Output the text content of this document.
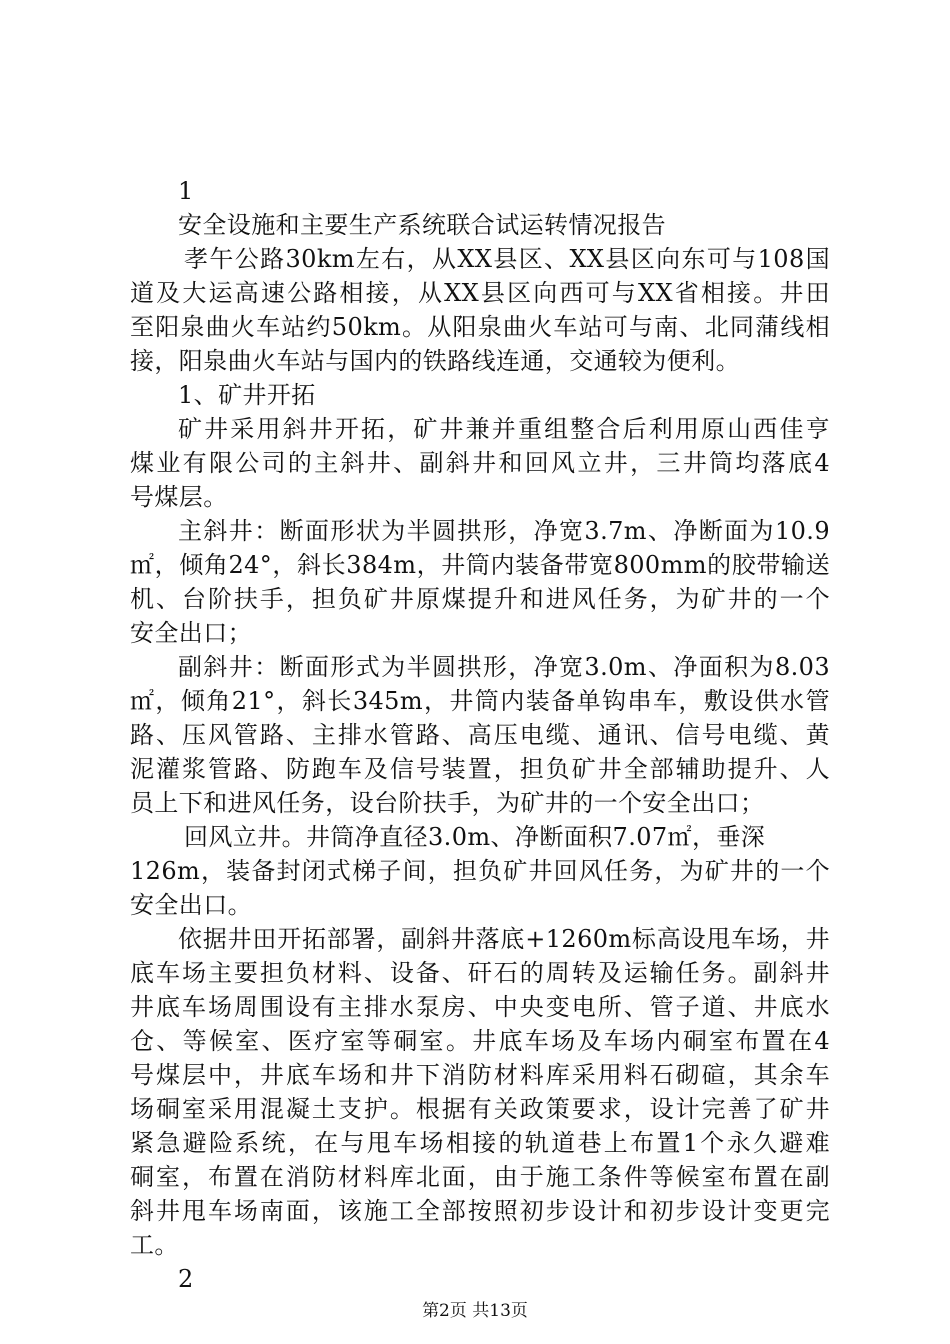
1
安全设施和主要生产系统联合试运转情况报告
孝午公路30km左右，从XX县区、XX县区向东可与108国
道及大运高速公路相接，从XX县区向西可与XX省相接。井田
至阳泉曲火车站约50km。从阳泉曲火车站可与南、北同蒲线相
接，阳泉曲火车站与国内的铁路线连通，交通较为便利。
1、矿井开拓
矿井采用斜井开拓，矿井兼并重组整合后利用原山西佳亨
煤业有限公司的主斜井、副斜井和回风立井，三井筒均落底4
号煤层。
主斜井：断面形状为半圆拱形，净宽3.7m、净断面为10.9
㎡，倾角24°，斜长384m，井筒内装备带宽800mm的胶带输送
机、台阶扶手，担负矿井原煤提升和进风任务，为矿井的一个
安全出口；
副斜井：断面形式为半圆拱形，净宽3.0m、净面积为8.03
㎡，倾角21°，斜长345m，井筒内装备单钩串车，敷设供水管
路、压风管路、主排水管路、高压电缆、通讯、信号电缆、黄
泥灌浆管路、防跑车及信号装置，担负矿井全部辅助提升、人
员上下和进风任务，设台阶扶手，为矿井的一个安全出口；
回风立井。井筒净直径3.0m、净断面积7.07㎡，垂深
126m，装备封闭式梯子间，担负矿井回风任务，为矿井的一个
安全出口。
依据井田开拓部署，副斜井落底+1260m标高设甩车场，井
底车场主要担负材料、设备、矸石的周转及运输任务。副斜井
井底车场周围设有主排水泵房、中央变电所、管子道、井底水
仓、等候室、医疗室等硐室。井底车场及车场内硐室布置在4
号煤层中，井底车场和井下消防材料库采用料石砌碹，其余车
场硐室采用混凝土支护。根据有关政策要求，设计完善了矿井
紧急避险系统，在与甩车场相接的轨道巷上布置1个永久避难
硐室，布置在消防材料库北面，由于施工条件等候室布置在副
斜井甩车场南面，该施工全部按照初步设计和初步设计变更完
工。
2
第2页 共13页
